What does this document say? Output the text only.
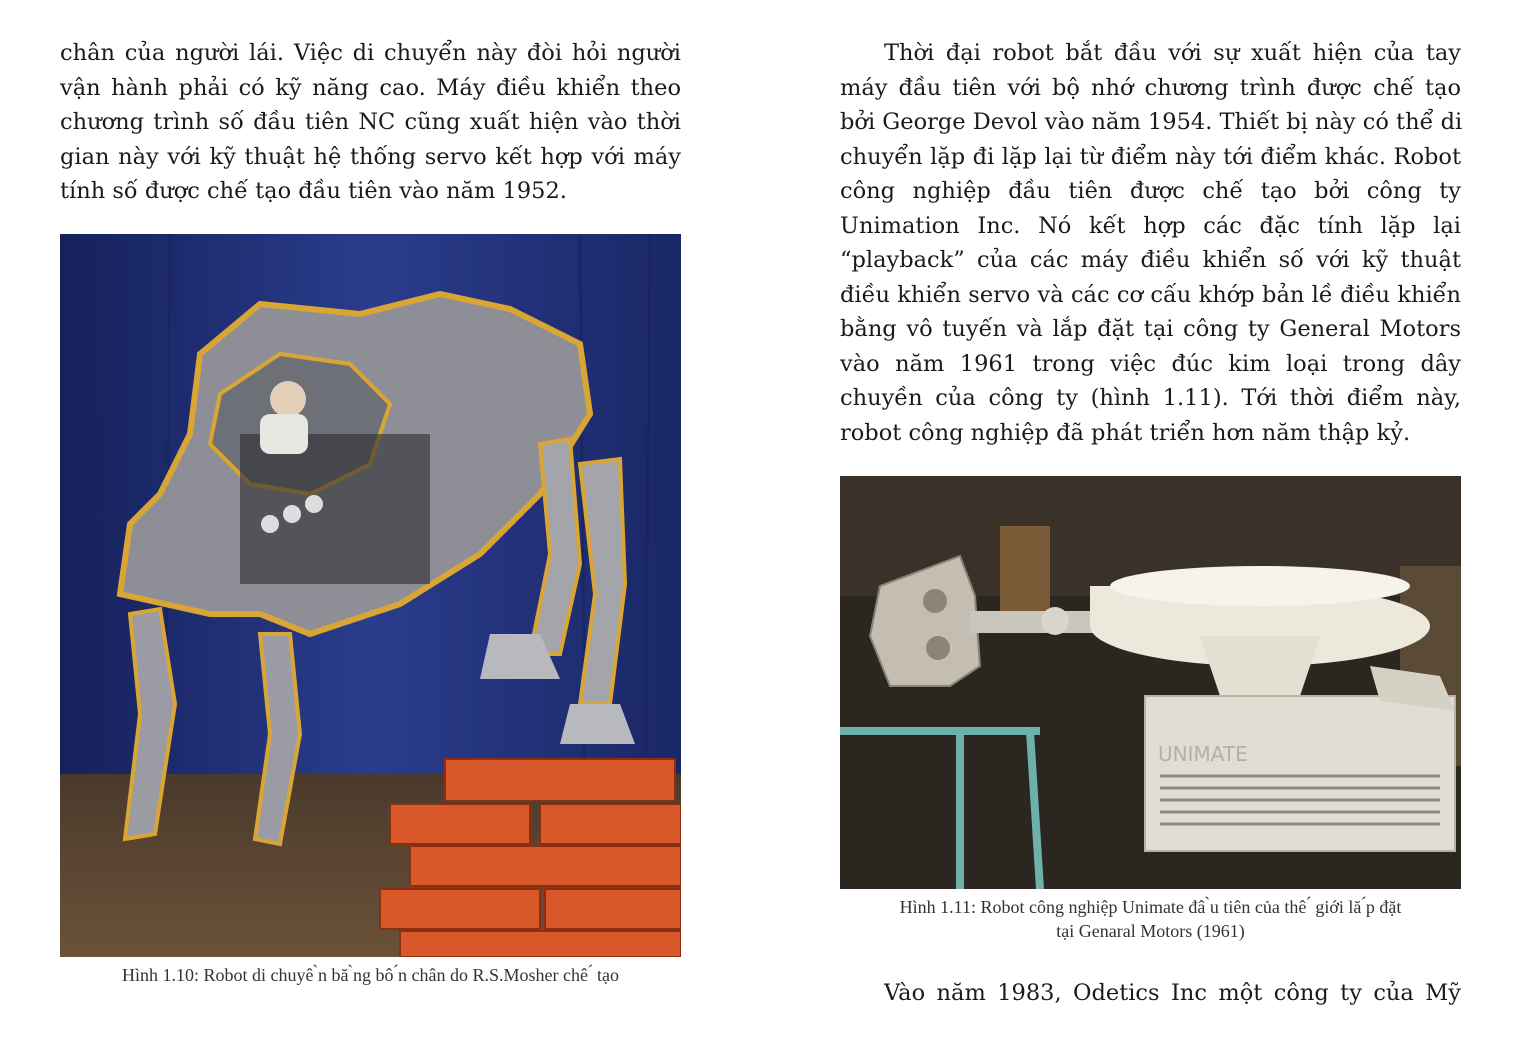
chân của người lái. Việc di chuyển này đòi hỏi người
vận hành phải có kỹ năng cao. Máy điều khiển theo
chương trình số đầu tiên NC cũng xuất hiện vào thời
gian này với kỹ thuật hệ thống servo kết hợp với máy
tính số được chế tạo đầu tiên vào năm 1952.

Hình 1.10: Robot di chuyê ̀n bă ̀ng bô ́n chân do R.S.Mosher chê ́ tạo

Thời đại robot bắt đầu với sự xuất hiện của tay
máy đầu tiên với bộ nhớ chương trình được chế tạo
bởi George Devol vào năm 1954. Thiết bị này có thể di
chuyển lặp đi lặp lại từ điểm này tới điểm khác. Robot
công nghiệp đầu tiên được chế tạo bởi công ty
Unimation Inc. Nó kết hợp các đặc tính lặp lại
“playback” của các máy điều khiển số với kỹ thuật
điều khiển servo và các cơ cấu khớp bản lề điều khiển
bằng vô tuyến và lắp đặt tại công ty General Motors
vào năm 1961 trong việc đúc kim loại trong dây
chuyền của công ty (hình 1.11). Tới thời điểm này,
robot công nghiệp đã phát triển hơn năm thập kỷ.

UNIMATE
Hình 1.11: Robot công nghiệp Unimate đâ ̀u tiên của thê ́ giới lă ́p đặt
tại Genaral Motors (1961)

Vào năm 1983, Odetics Inc một công ty của Mỹ
